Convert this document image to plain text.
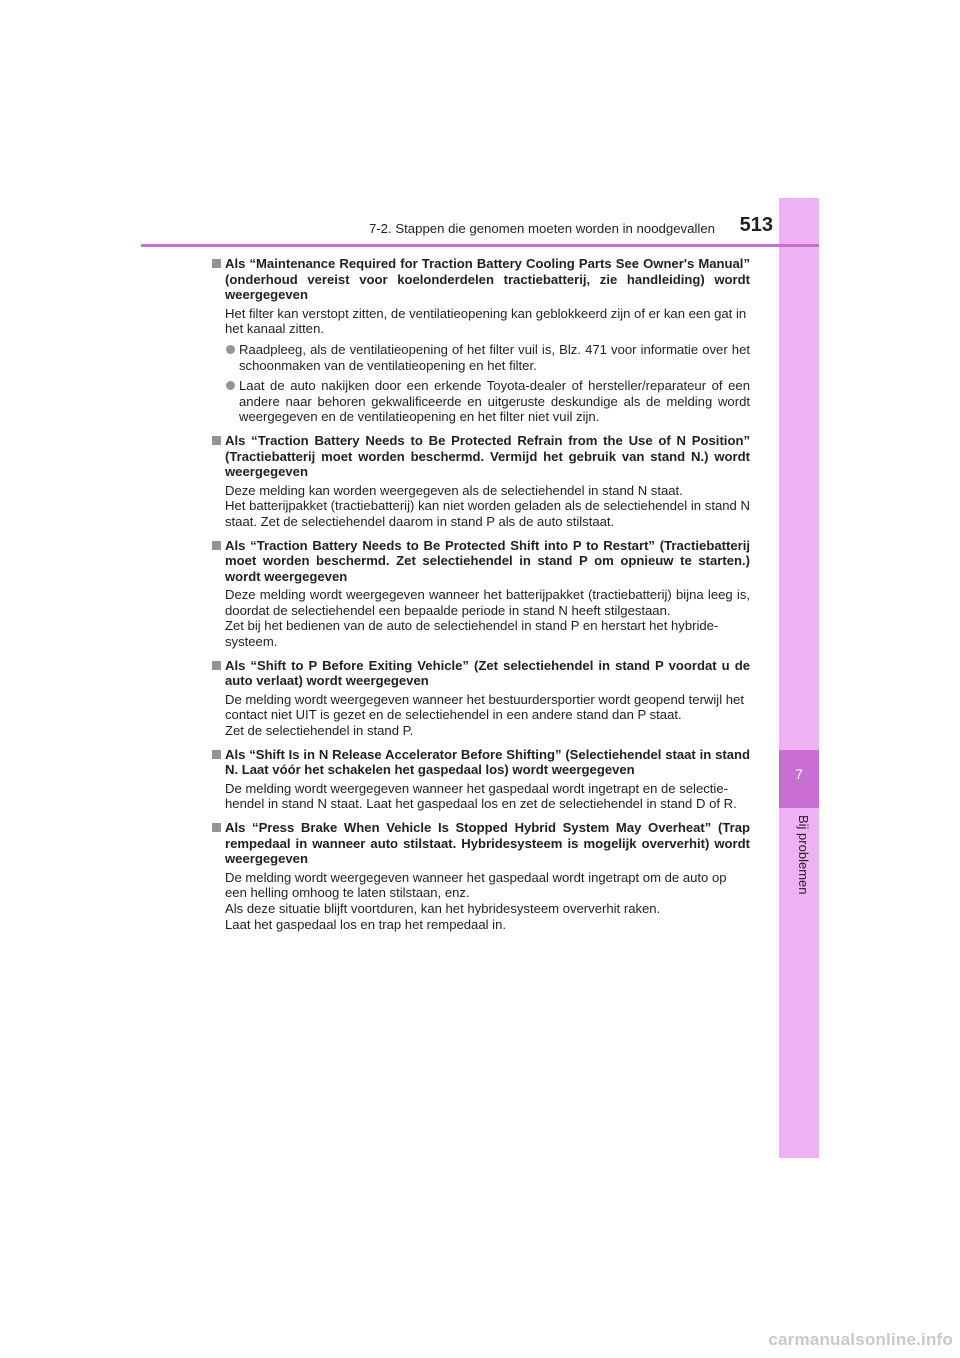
7
Bij problemen
7-2. Stappen die genomen moeten worden in noodgevallen	513

Als “Maintenance Required for Traction Battery Cooling Parts See Owner's Manual” (onderhoud vereist voor koelonderdelen tractiebatterij, zie handleiding) wordt weergegeven

Het filter kan verstopt zitten, de ventilatieopening kan geblokkeerd zijn of er kan een gat in het kanaal zitten.

Raadpleeg, als de ventilatieopening of het filter vuil is, Blz. 471 voor informatie over het schoonmaken van de ventilatieopening en het filter.
Laat de auto nakijken door een erkende Toyota-dealer of hersteller/reparateur of een andere naar behoren gekwalificeerde en uitgeruste deskundige als de melding wordt weergegeven en de ventilatieopening en het filter niet vuil zijn.

Als “Traction Battery Needs to Be Protected Refrain from the Use of N Position” (Tractiebatterij moet worden beschermd. Vermijd het gebruik van stand N.) wordt weergegeven

Deze melding kan worden weergegeven als de selectiehendel in stand N staat.

Het batterijpakket (tractiebatterij) kan niet worden geladen als de selectiehendel in stand N staat. Zet de selectiehendel daarom in stand P als de auto stilstaat.

Als “Traction Battery Needs to Be Protected Shift into P to Restart” (Tractiebatterij moet worden beschermd. Zet selectiehendel in stand P om opnieuw te starten.) wordt weergegeven

Deze melding wordt weergegeven wanneer het batterijpakket (tractiebatterij) bijna leeg is, doordat de selectiehendel een bepaalde periode in stand N heeft stilgestaan.

Zet bij het bedienen van de auto de selectiehendel in stand P en herstart het hybridesysteem.

Als “Shift to P Before Exiting Vehicle” (Zet selectiehendel in stand P voordat u de auto verlaat) wordt weergegeven

De melding wordt weergegeven wanneer het bestuurdersportier wordt geopend terwijl het contact niet UIT is gezet en de selectiehendel in een andere stand dan P staat.

Zet de selectiehendel in stand P.

Als “Shift Is in N Release Accelerator Before Shifting” (Selectiehendel staat in stand N. Laat vóór het schakelen het gaspedaal los) wordt weergegeven

De melding wordt weergegeven wanneer het gaspedaal wordt ingetrapt en de selectiehendel in stand N staat. Laat het gaspedaal los en zet de selectiehendel in stand D of R.

Als “Press Brake When Vehicle Is Stopped Hybrid System May Overheat” (Trap rempedaal in wanneer auto stilstaat. Hybridesysteem is mogelijk oververhit) wordt weergegeven

De melding wordt weergegeven wanneer het gaspedaal wordt ingetrapt om de auto op een helling omhoog te laten stilstaan, enz.

Als deze situatie blijft voortduren, kan het hybridesysteem oververhit raken.

Laat het gaspedaal los en trap het rempedaal in.

carmanualsonline.info
